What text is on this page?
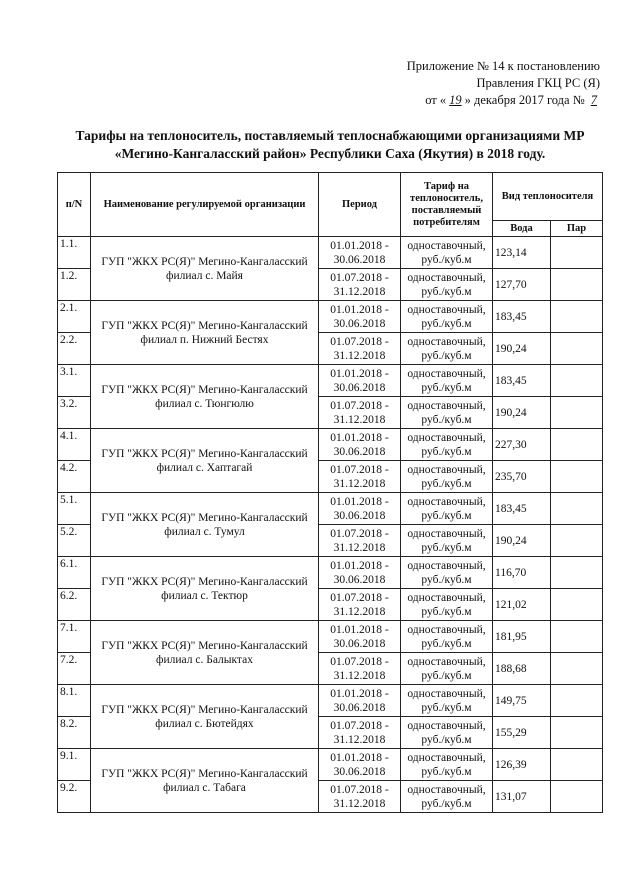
Приложение № 14 к постановлению
Правления ГКЦ РС (Я)
от « 19 » декабря 2017 года № 7
Тарифы на теплоноситель, поставляемый теплоснабжающими организациями МР
«Мегино-Кангаласский район» Республики Саха (Якутия) в 2018 году.
п/N	Наименование регулируемой организации	Период	Тариф на теплоноситель, поставляемый потребителям	Вид теплоносителя	
				Вода	Пар
1.1.	ГУП "ЖКХ РС(Я)" Мегино-Кангаласский филиал с. Майя	01.01.2018 - 30.06.2018	одноставочный, руб./куб.м	123,14	
1.2.		01.07.2018 - 31.12.2018	одноставочный, руб./куб.м	127,70	
2.1.	ГУП "ЖКХ РС(Я)" Мегино-Кангаласский филиал п. Нижний Бестях	01.01.2018 - 30.06.2018	одноставочный, руб./куб.м	183,45	
2.2.		01.07.2018 - 31.12.2018	одноставочный, руб./куб.м	190,24	
3.1.	ГУП "ЖКХ РС(Я)" Мегино-Кангаласский филиал с. Тюнгюлю	01.01.2018 - 30.06.2018	одноставочный, руб./куб.м	183,45	
3.2.		01.07.2018 - 31.12.2018	одноставочный, руб./куб.м	190,24	
4.1.	ГУП "ЖКХ РС(Я)" Мегино-Кангаласский филиал с. Хаптагай	01.01.2018 - 30.06.2018	одноставочный, руб./куб.м	227,30	
4.2.		01.07.2018 - 31.12.2018	одноставочный, руб./куб.м	235,70	
5.1.	ГУП "ЖКХ РС(Я)" Мегино-Кангаласский филиал с. Тумул	01.01.2018 - 30.06.2018	одноставочный, руб./куб.м	183,45	
5.2.		01.07.2018 - 31.12.2018	одноставочный, руб./куб.м	190,24	
6.1.	ГУП "ЖКХ РС(Я)" Мегино-Кангаласский филиал с. Тектюр	01.01.2018 - 30.06.2018	одноставочный, руб./куб.м	116,70	
6.2.		01.07.2018 - 31.12.2018	одноставочный, руб./куб.м	121,02	
7.1.	ГУП "ЖКХ РС(Я)" Мегино-Кангаласский филиал с. Балыктах	01.01.2018 - 30.06.2018	одноставочный, руб./куб.м	181,95	
7.2.		01.07.2018 - 31.12.2018	одноставочный, руб./куб.м	188,68	
8.1.	ГУП "ЖКХ РС(Я)" Мегино-Кангаласский филиал с. Бютейдях	01.01.2018 - 30.06.2018	одноставочный, руб./куб.м	149,75	
8.2.		01.07.2018 - 31.12.2018	одноставочный, руб./куб.м	155,29	
9.1.	ГУП "ЖКХ РС(Я)" Мегино-Кангаласский филиал с. Табага	01.01.2018 - 30.06.2018	одноставочный, руб./куб.м	126,39	
9.2.		01.07.2018 - 31.12.2018	одноставочный, руб./куб.м	131,07	
